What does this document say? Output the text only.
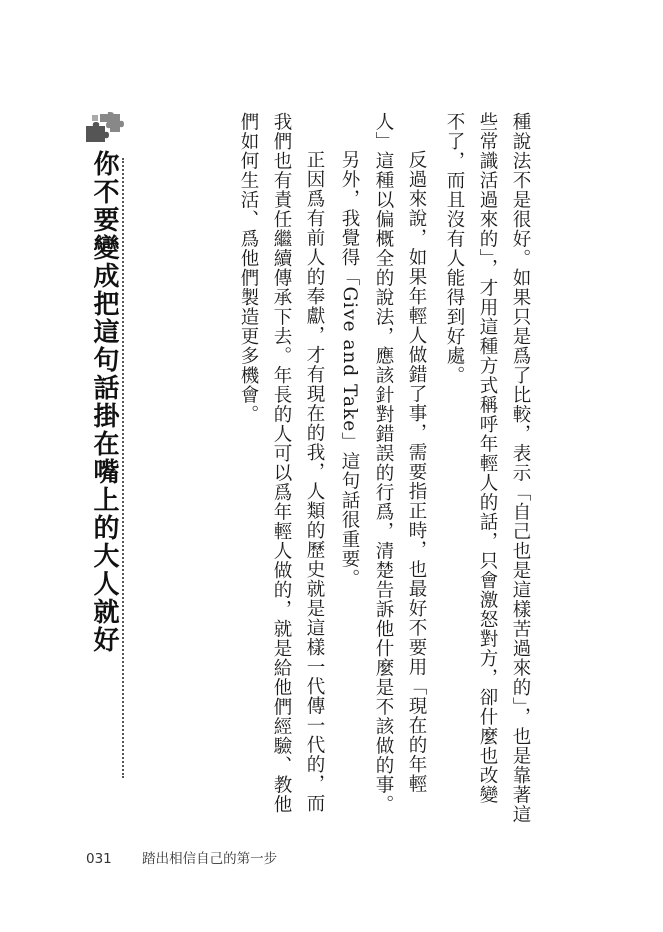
你不要變成把這句話掛在嘴上的大人就好	種說法不是很好。如果只是爲了比較，表示「自己也是這樣苦過來的」，也是靠著這
些常識活過來的」，才用這種方式稱呼年輕人的話，只會激怒對方，卻什麼也改變
不了，而且沒有人能得到好處。
反過來說，如果年輕人做錯了事，需要指正時，也最好不要用「現在的年輕
人」這種以偏概全的說法，應該針對錯誤的行爲，清楚告訴他什麼是不該做的事。
另外，我覺得「Give and Take」這句話很重要。
正因爲有前人的奉獻，才有現在的我，人類的歷史就是這樣一代傳一代的，而
我們也有責任繼續傳承下去。年長的人可以爲年輕人做的，就是給他們經驗、教他
們如何生活、爲他們製造更多機會。
031 踏出相信自己的第一步
